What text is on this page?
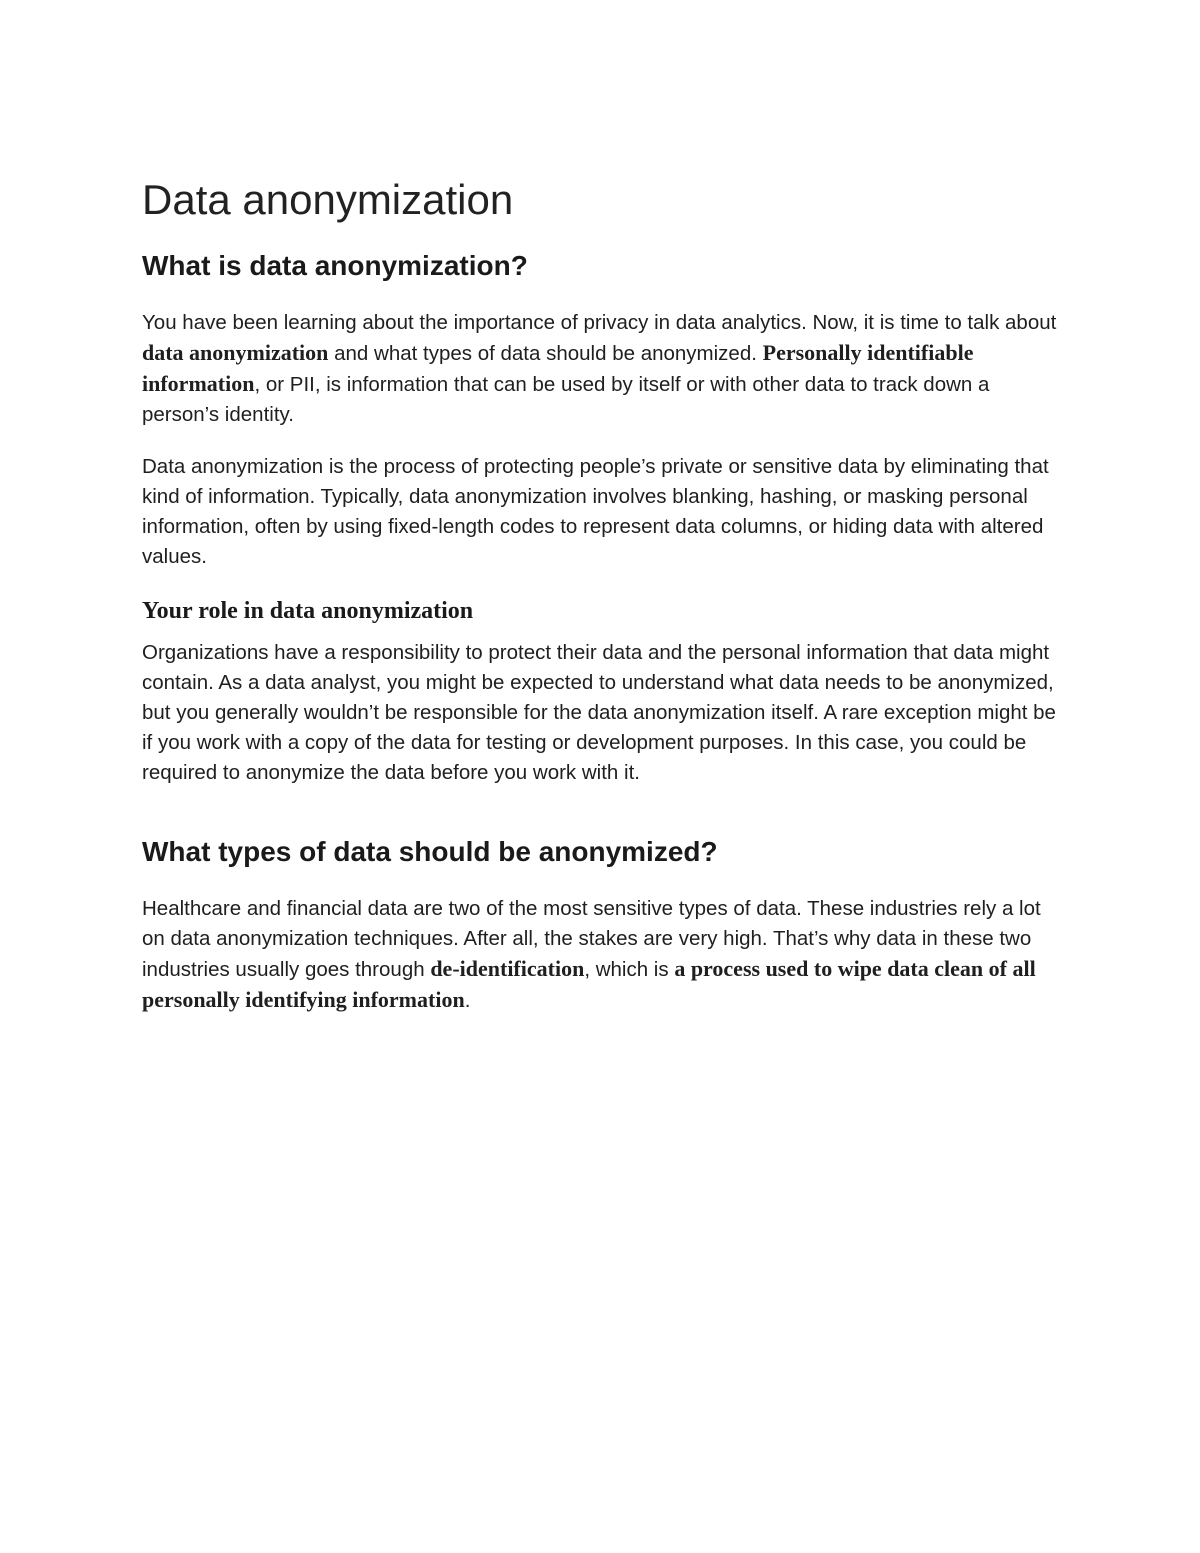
Data anonymization
What is data anonymization?

You have been learning about the importance of privacy in data analytics. Now, it is time to talk about data anonymization and what types of data should be anonymized. Personally identifiable information, or PII, is information that can be used by itself or with other data to track down a person’s identity.

Data anonymization is the process of protecting people’s private or sensitive data by eliminating that kind of information. Typically, data anonymization involves blanking, hashing, or masking personal information, often by using fixed-length codes to represent data columns, or hiding data with altered values.

Your role in data anonymization

Organizations have a responsibility to protect their data and the personal information that data might contain. As a data analyst, you might be expected to understand what data needs to be anonymized, but you generally wouldn’t be responsible for the data anonymization itself. A rare exception might be if you work with a copy of the data for testing or development purposes. In this case, you could be required to anonymize the data before you work with it.

What types of data should be anonymized?

Healthcare and financial data are two of the most sensitive types of data. These industries rely a lot on data anonymization techniques. After all, the stakes are very high. That’s why data in these two industries usually goes through de-identification, which is a process used to wipe data clean of all personally identifying information.
